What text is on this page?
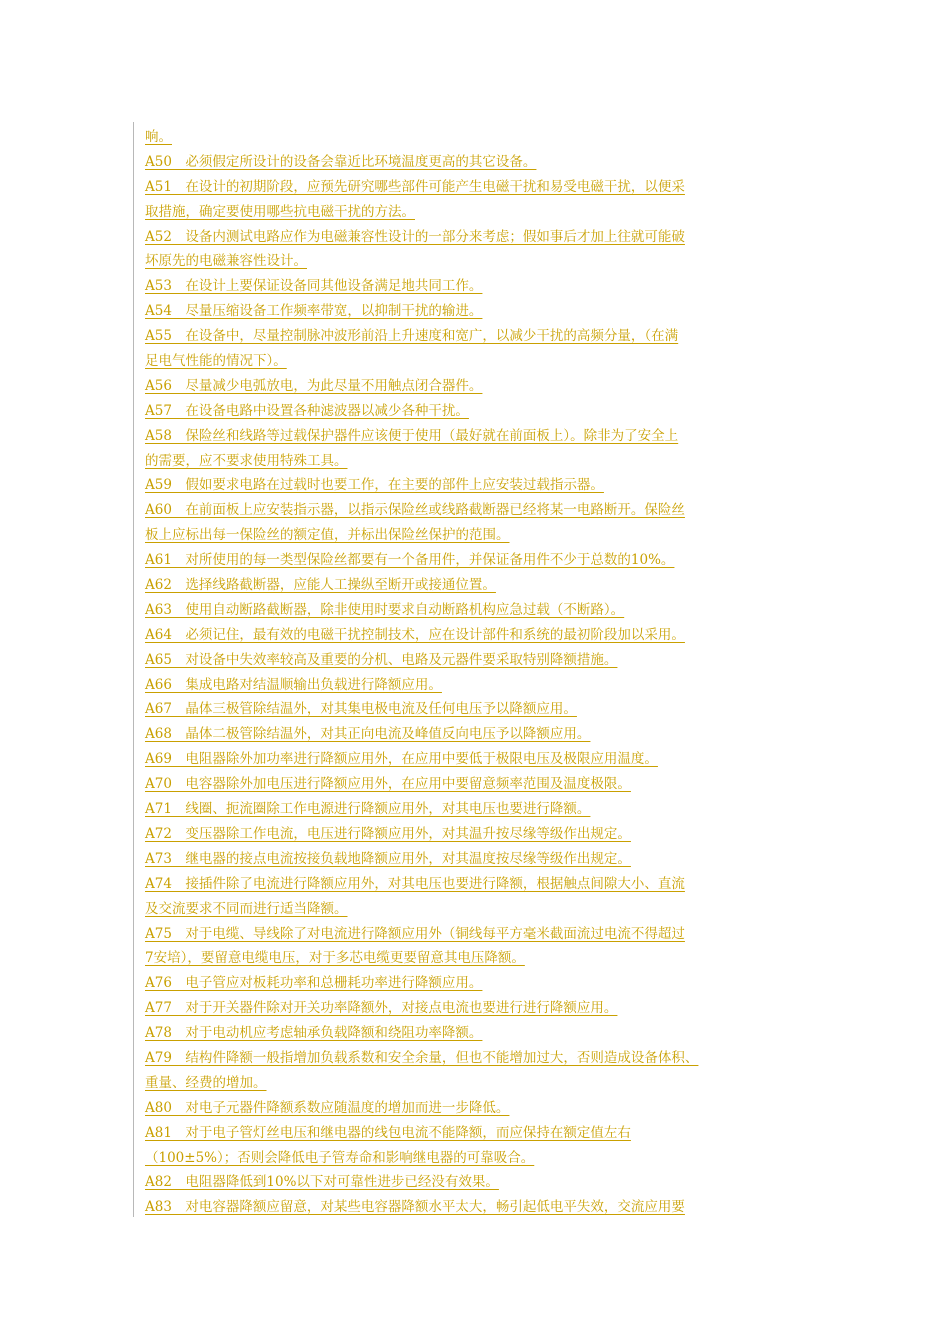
响。
A50　必须假定所设计的设备会靠近比环境温度更高的其它设备。
A51　在设计的初期阶段，应预先研究哪些部件可能产生电磁干扰和易受电磁干扰，以便采
取措施，确定要使用哪些抗电磁干扰的方法。
A52　设备内测试电路应作为电磁兼容性设计的一部分来考虑；假如事后才加上往就可能破
坏原先的电磁兼容性设计。
A53　在设计上要保证设备同其他设备满足地共同工作。
A54　尽量压缩设备工作频率带宽，以抑制干扰的输进。
A55　在设备中，尽量控制脉冲波形前沿上升速度和宽广，以减少干扰的高频分量，（在满
足电气性能的情况下）。
A56　尽量减少电弧放电，为此尽量不用触点闭合器件。
A57　在设备电路中设置各种滤波器以减少各种干扰。
A58　保险丝和线路等过载保护器件应该便于使用（最好就在前面板上）。除非为了安全上
的需要，应不要求使用特殊工具。
A59　假如要求电路在过载时也要工作，在主要的部件上应安装过载指示器。
A60　在前面板上应安装指示器，以指示保险丝或线路截断器已经将某一电路断开。保险丝
板上应标出每一保险丝的额定值，并标出保险丝保护的范围。
A61　对所使用的每一类型保险丝都要有一个备用件，并保证备用件不少于总数的10%。
A62　选择线路截断器，应能人工操纵至断开或接通位置。
A63　使用自动断路截断器，除非使用时要求自动断路机构应急过载（不断路）。
A64　必须记住，最有效的电磁干扰控制技术，应在设计部件和系统的最初阶段加以采用。
A65　对设备中失效率较高及重要的分机、电路及元器件要采取特别降额措施。
A66　集成电路对结温顺输出负载进行降额应用。
A67　晶体三极管除结温外，对其集电极电流及任何电压予以降额应用。
A68　晶体二极管除结温外，对其正向电流及峰值反向电压予以降额应用。
A69　电阻器除外加功率进行降额应用外，在应用中要低于极限电压及极限应用温度。
A70　电容器除外加电压进行降额应用外，在应用中要留意频率范围及温度极限。
A71　线圈、扼流圈除工作电源进行降额应用外，对其电压也要进行降额。
A72　变压器除工作电流，电压进行降额应用外，对其温升按尽缘等级作出规定。
A73　继电器的接点电流按接负载地降额应用外，对其温度按尽缘等级作出规定。
A74　接插件除了电流进行降额应用外，对其电压也要进行降额，根据触点间隙大小、直流
及交流要求不同而进行适当降额。
A75　对于电缆、导线除了对电流进行降额应用外（铜线每平方毫米截面流过电流不得超过
7安培），要留意电缆电压，对于多芯电缆更要留意其电压降额。
A76　电子管应对板耗功率和总栅耗功率进行降额应用。
A77　对于开关器件除对开关功率降额外，对接点电流也要进行进行降额应用。
A78　对于电动机应考虑轴承负载降额和绕阻功率降额。
A79　结构件降额一般指增加负载系数和安全余量，但也不能增加过大，否则造成设备体积、
重量、经费的增加。
A80　对电子元器件降额系数应随温度的增加而进一步降低。
A81　对于电子管灯丝电压和继电器的线包电流不能降额，而应保持在额定值左右
（100±5%）；否则会降低电子管寿命和影响继电器的可靠吸合。
A82　电阻器降低到10%以下对可靠性进步已经没有效果。
A83　对电容器降额应留意，对某些电容器降额水平太大，畅引起低电平失效，交流应用要
